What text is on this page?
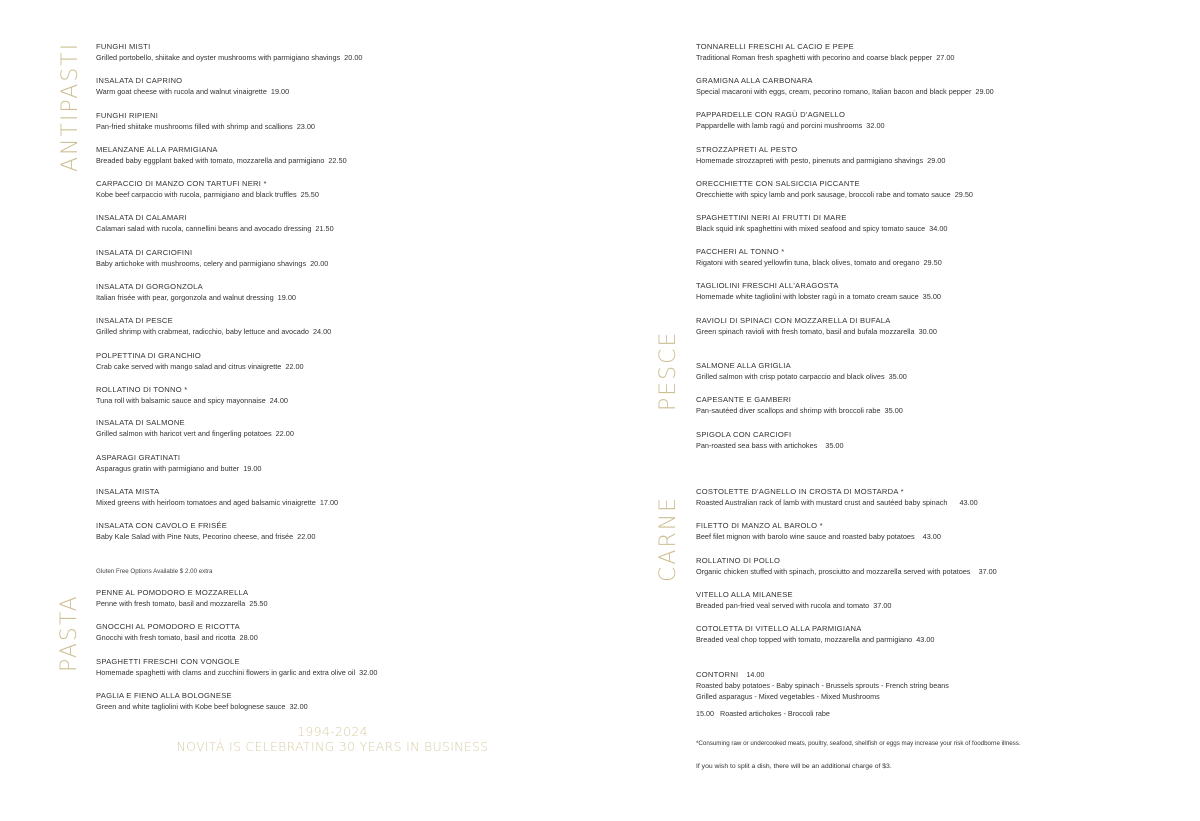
ANTIPASTI
PASTA
PESCE
CARNE
FUNGHI MISTI
Grilled portobello, shiitake and oyster mushrooms with parmigiano shavings 20.00
INSALATA DI CAPRINO
Warm goat cheese with rucola and walnut vinaigrette 19.00
FUNGHI RIPIENI
Pan-fried shiitake mushrooms filled with shrimp and scallions 23.00
MELANZANE ALLA PARMIGIANA
Breaded baby eggplant baked with tomato, mozzarella and parmigiano 22.50
CARPACCIO DI MANZO CON TARTUFI NERI *
Kobe beef carpaccio with rucola, parmigiano and black truffles 25.50
INSALATA DI CALAMARI
Calamari salad with rucola, cannellini beans and avocado dressing 21.50
INSALATA DI CARCIOFINI
Baby artichoke with mushrooms, celery and parmigiano shavings 20.00
INSALATA DI GORGONZOLA
Italian frisée with pear, gorgonzola and walnut dressing 19.00
INSALATA DI PESCE
Grilled shrimp with crabmeat, radicchio, baby lettuce and avocado 24.00
POLPETTINA DI GRANCHIO
Crab cake served with mango salad and citrus vinaigrette 22.00
ROLLATINO DI TONNO *
Tuna roll with balsamic sauce and spicy mayonnaise 24.00
INSALATA DI SALMONE
Grilled salmon with haricot vert and fingerling potatoes 22.00
ASPARAGI GRATINATI
Asparagus gratin with parmigiano and butter 19.00
INSALATA MISTA
Mixed greens with heirloom tomatoes and aged balsamic vinaigrette 17.00
INSALATA CON CAVOLO E FRISÉE
Baby Kale Salad with Pine Nuts, Pecorino cheese, and frisée 22.00
Gluten Free Options Available $ 2.00 extra
PENNE AL POMODORO E MOZZARELLA
Penne with fresh tomato, basil and mozzarella 25.50
GNOCCHI AL POMODORO E RICOTTA
Gnocchi with fresh tomato, basil and ricotta 28.00
SPAGHETTI FRESCHI CON VONGOLE
Homemade spaghetti with clams and zucchini flowers in garlic and extra olive oil 32.00
PAGLIA E FIENO ALLA BOLOGNESE
Green and white tagliolini with Kobe beef bolognese sauce 32.00
1994-2024
NOVITÁ IS CELEBRATING 30 YEARS IN BUSINESS
TONNARELLI FRESCHI AL CACIO E PEPE
Traditional Roman fresh spaghetti with pecorino and coarse black pepper 27.00
GRAMIGNA ALLA CARBONARA
Special macaroni with eggs, cream, pecorino romano, Italian bacon and black pepper 29.00
PAPPARDELLE CON RAGÙ D'AGNELLO
Pappardelle with lamb ragù and porcini mushrooms 32.00
STROZZAPRETI AL PESTO
Homemade strozzapreti with pesto, pinenuts and parmigiano shavings 29.00
ORECCHIETTE CON SALSICCIA PICCANTE
Orecchiette with spicy lamb and pork sausage, broccoli rabe and tomato sauce 29.50
SPAGHETTINI NERI AI FRUTTI DI MARE
Black squid ink spaghettini with mixed seafood and spicy tomato sauce 34.00
PACCHERI AL TONNO *
Rigatoni with seared yellowfin tuna, black olives, tomato and oregano 29.50
TAGLIOLINI FRESCHI ALL'ARAGOSTA
Homemade white tagliolini with lobster ragù in a tomato cream sauce 35.00
RAVIOLI DI SPINACI CON MOZZARELLA DI BUFALA
Green spinach ravioli with fresh tomato, basil and bufala mozzarella 30.00
SALMONE ALLA GRIGLIA
Grilled salmon with crisp potato carpaccio and black olives 35.00
CAPESANTE E GAMBERI
Pan-sautéed diver scallops and shrimp with broccoli rabe 35.00
SPIGOLA CON CARCIOFI
Pan-roasted sea bass with artichokes 35.00
COSTOLETTE D'AGNELLO IN CROSTA DI MOSTARDA *
Roasted Australian rack of lamb with mustard crust and sautéed baby spinach 43.00
FILETTO DI MANZO AL BAROLO *
Beef filet mignon with barolo wine sauce and roasted baby potatoes 43.00
ROLLATINO DI POLLO
Organic chicken stuffed with spinach, prosciutto and mozzarella served with potatoes 37.00
VITELLO ALLA MILANESE
Breaded pan-fried veal served with rucola and tomato 37.00
COTOLETTA DI VITELLO ALLA PARMIGIANA
Breaded veal chop topped with tomato, mozzarella and parmigiano 43.00
CONTORNI 14.00
Roasted baby potatoes - Baby spinach - Brussels sprouts - French string beans
Grilled asparagus - Mixed vegetables - Mixed Mushrooms
15.00 Roasted artichokes - Broccoli rabe
*Consuming raw or undercooked meats, poultry, seafood, shellfish or eggs may increase your risk of foodborne illness.
If you wish to split a dish, there will be an additional charge of $3.
